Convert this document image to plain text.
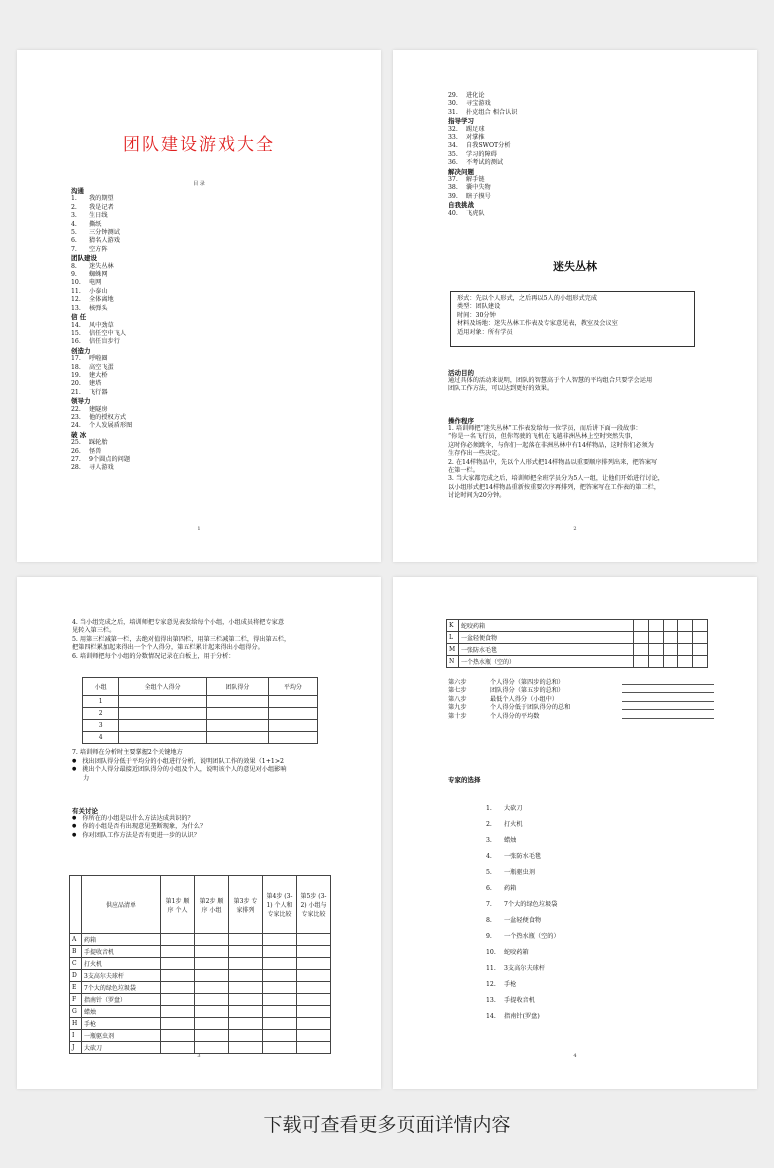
团队建设游戏大全
目 录
沟通
1.	我的期望
2.	我是记者
3.	生日线
4.	撕纸
5.	三分钟测试
6.	猜名人游戏
7.	空方阵
团队建设
8.	迷失丛林
9.	蜘蛛网
10.	电网
11.	小泰山
12.	全体离地
13.	核弹头
信 任
14.	风中劲草
15.	信任空中飞人
16.	信任盲步行
创造力
17.	呼啦圈
18.	高空飞蛋
19.	建大桥
20.	建塔
21.	飞行器
领导力
22.	建隧房
23.	他的授权方式
24.	个人发展盾形图
破 冰
25.	踩轮胎
26.	怪兽
27.	9个圆点的问题
28.	寻人游戏
1
29.	进化论
30.	寻宝游戏
31.	扑克组合 相合认识
指导学习
32.	踢足球
33.	对掌推
34.	自我SWOT分析
35.	学习的障碍
36.	不考试的测试
解决问题
37.	解手链
38.	囊中失物
39.	瞎子摸号
自我挑战
40.	飞虎队
迷失丛林
形式：先以个人形式，之后再以5人的小组形式完成
类型：团队建设
时间：30分钟
材料及场地：迷失丛林工作表及专家意见表，教室及会议室
适用对象：所有学员
活动目的
通过具体的活动来说明，团队的智慧高于个人智慧的平均组合只要学会运用
团队工作方法，可以达到更好的效果。
操作程序
1. 培训师把“迷失丛林”工作表发给每一位学员，而后讲下面一段故事：
“你是一名飞行员，但你驾驶的飞机在飞越非洲丛林上空时突然失事，
这时你必须跳伞，与你们一起落在非洲丛林中有14样物品，这时你们必须为
生存作出一些决定。
2. 在14样物品中，先以个人形式把14样物品以重要顺序排列出来，把答案写
在第一栏。
3. 当大家都完成之后，培训师把全班学员分为5人一组，让他们开始进行讨论，
以小组形式把14样物品重新按重要次序再排列，把答案写在工作表的第二栏，
讨论时间为20分钟。
2
4. 当小组完成之后，培训师把专家意见表发给每个小组，小组成员将把专家意
见转入第三栏。
5. 用第三栏减第一栏，去绝对值得出第四栏，用第三栏减第二栏，得出第五栏，
把第四栏累加起来得出一个个人得分，第五栏累计起来得出小组得分。
6. 培训师把每个小组的分数情况记录在白板上，用于分析：
小组	全组个人得分	团队得分	平均分
1			
2			
3			
4			
7. 培训师在分析时主要掌握2个关键地方
● 找出团队得分低于平均分的小组进行分析，说明团队工作的效果（1+1>2
● 挑出个人得分最接近团队得分的小组及个人，说明该个人的意见对小组影响
力
有关讨论
● 你所在的小组是以什么方法达成共识的？
● 你的小组是否有出现意见垄断现象，为什么？
● 你对团队工作方法是否有更进一步的认识？
	供应品清单	第1步 顺序 个人	第2步 顺序 小组	第3步 专家排列	第4步 (3-1) 个人和专家比较	第5步 (3-2) 小组与专家比较
A	药箱					
B	手提收音机					
C	打火机					
D	3支高尔夫球杆					
E	7个大的绿色垃圾袋					
F	指南针（罗盘）					
G	蜡烛					
H	手枪					
I	一瓶驱虫剂					
J	大砍刀					
3
K	蛇咬药箱					
L	一盆轻便食物					
M	一张防水毛毯					
N	一个热水瓶（空的）					
第六步	个人得分（第四步的总和）
第七步	团队得分（第五步的总和）
第八步	最低个人得分（小组中）
第九步	个人得分低于团队得分的总和
第十步	个人得分的平均数
专家的选择
1.	大砍刀
2.	打火机
3.	蜡烛
4.	一张防水毛毯
5.	一瓶驱虫剂
6.	药箱
7.	7个大的绿色垃圾袋
8.	一盆轻便食物
9.	一个热水瓶（空的）
10.	蛇咬药箱
11.	3支高尔夫球杆
12.	手枪
13.	手提收音机
14.	指南针(罗盘)
4
下载可查看更多页面详情内容
